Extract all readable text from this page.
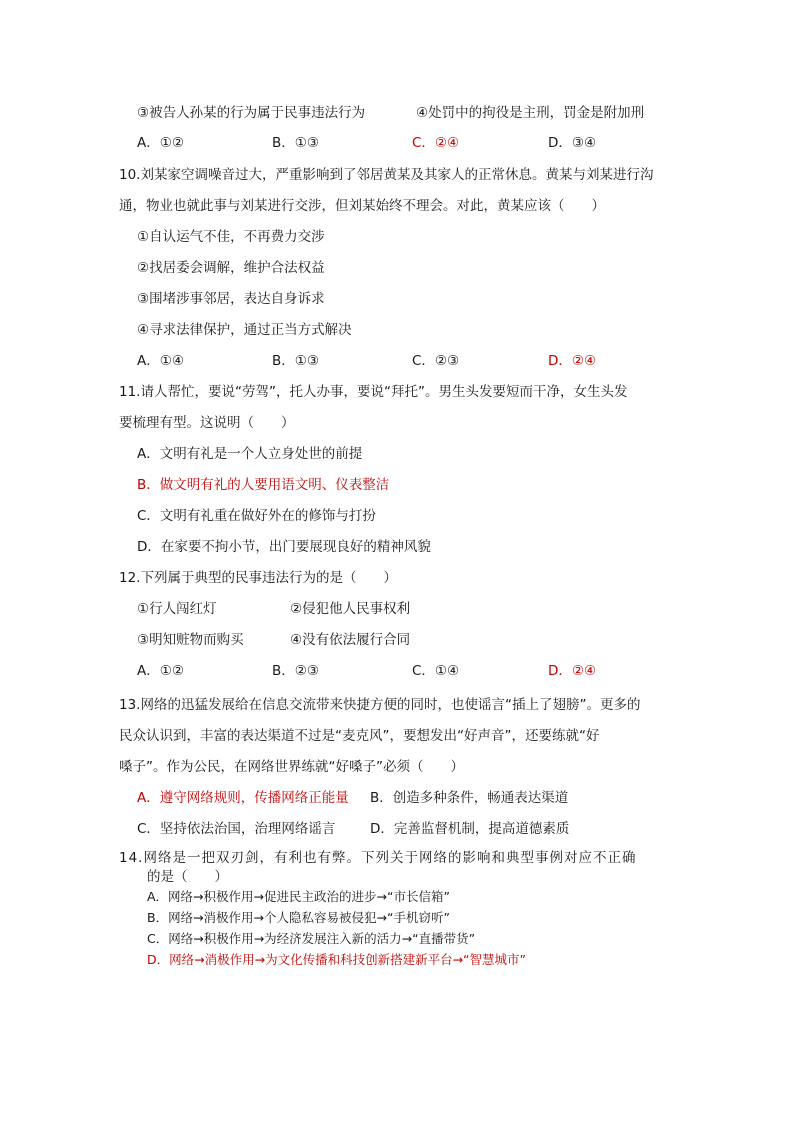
③被告人孙某的行为属于民事违法行为	④处罚中的拘役是主刑，罚金是附加刑
A．①②	B．①③	C．②④	D．③④
10.刘某家空调噪音过大，严重影响到了邻居黄某及其家人的正常休息。黄某与刘某进行沟
通，物业也就此事与刘某进行交涉，但刘某始终不理会。对此，黄某应该（　　）
①自认运气不佳，不再费力交涉
②找居委会调解，维护合法权益
③围堵涉事邻居，表达自身诉求
④寻求法律保护，通过正当方式解决
A．①④	B．①③	C．②③	D．②④
11.请人帮忙，要说“劳驾”，托人办事，要说“拜托”。男生头发要短而干净，女生头发
要梳理有型。这说明（　　）
A．文明有礼是一个人立身处世的前提
B．做文明有礼的人要用语文明、仪表整洁
C．文明有礼重在做好外在的修饰与打扮
D．在家要不拘小节，出门要展现良好的精神风貌
12.下列属于典型的民事违法行为的是（　　）
①行人闯红灯	②侵犯他人民事权利
③明知赃物而购买	④没有依法履行合同
A．①②	B．②③	C．①④	D．②④
13.网络的迅猛发展给在信息交流带来快捷方便的同时，也使谣言“插上了翅膀”。更多的
民众认识到，丰富的表达渠道不过是“麦克风”，要想发出“好声音”，还要练就“好
嗓子”。作为公民，在网络世界练就“好嗓子”必须（　　）
A．遵守网络规则，传播网络正能量 B．创造多种条件，畅通表达渠道
C．坚持依法治国，治理网络谣言	D．完善监督机制，提高道德素质
14.网络是一把双刃剑，有利也有弊。下列关于网络的影响和典型事例对应不正确
的是（　　）
A．网络→积极作用→促进民主政治的进步→“市长信箱”
B．网络→消极作用→个人隐私容易被侵犯→“手机窃听”
C．网络→积极作用→为经济发展注入新的活力→“直播带货”
D．网络→消极作用→为文化传播和科技创新搭建新平台→“智慧城市”
